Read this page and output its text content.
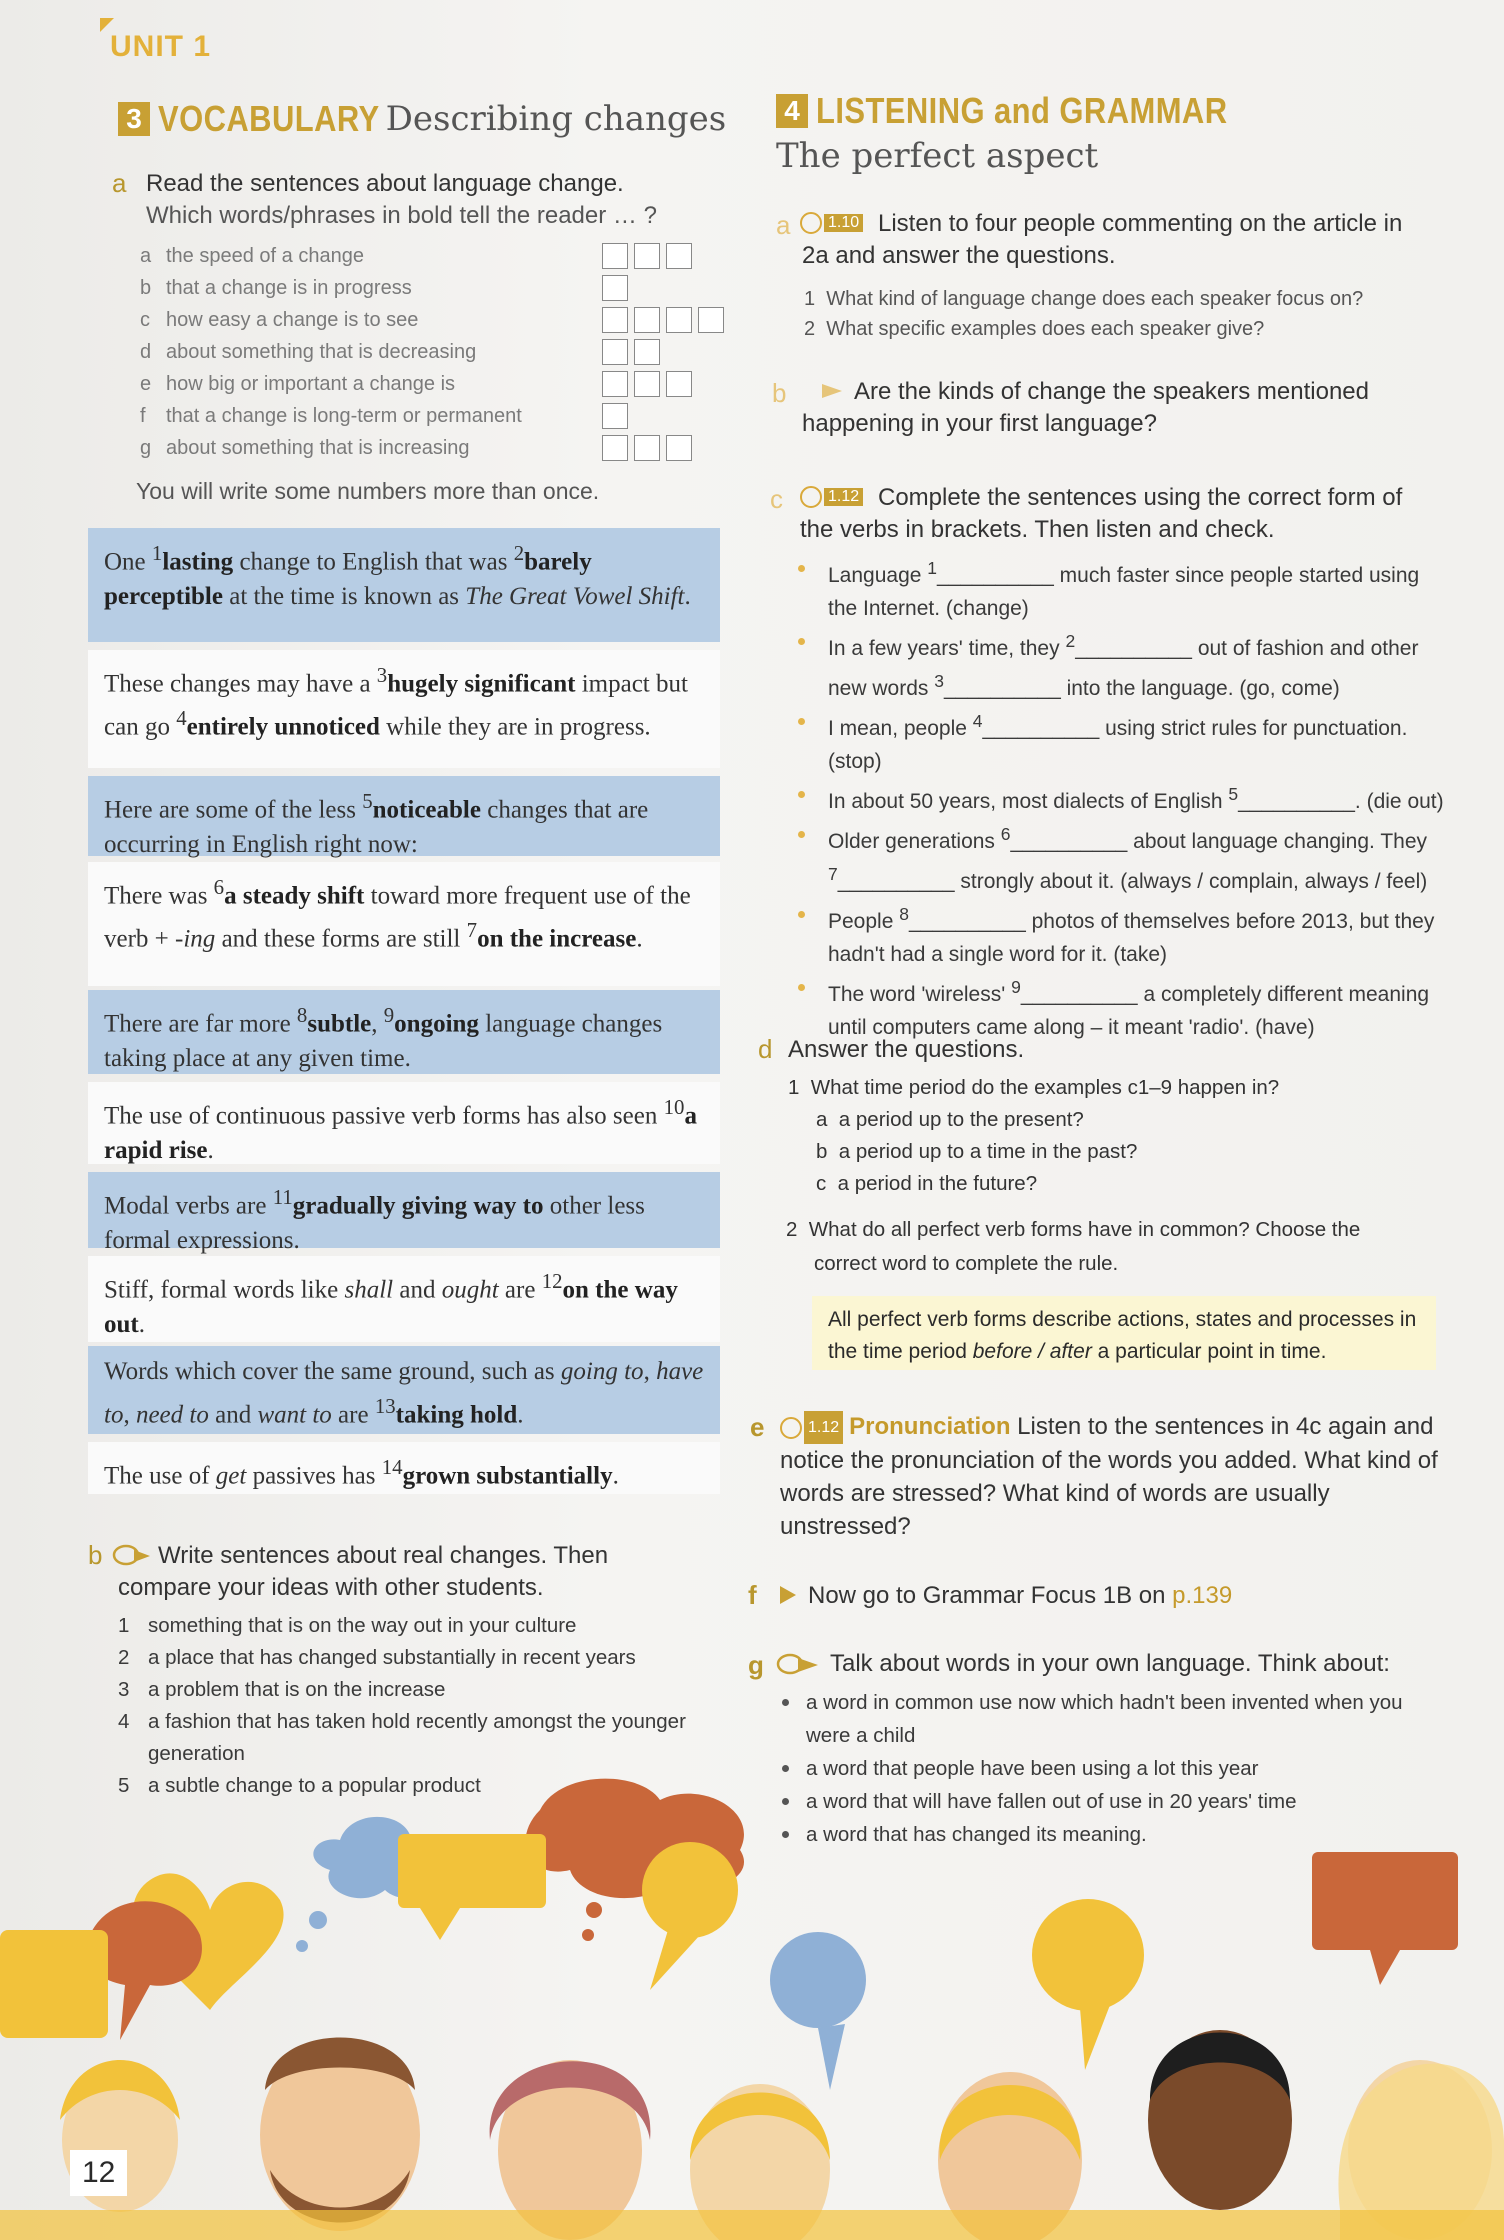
UNIT 1
3 VOCABULARY Describing changes
a Read the sentences about language change.
Which words/phrases in bold tell the reader … ?
a the speed of a change
b that a change is in progress
c how easy a change is to see
d about something that is decreasing
e how big or important a change is
f	that a change is long-term or permanent
g about something that is increasing
You will write some numbers more than once.
One $^1$lasting change to English that was $^2$barely perceptible at the time is known as The Great Vowel Shift.
These changes may have a $^3$hugely significant impact but can go $^4$entirely unnoticed while they are in progress.
Here are some of the less $^5$noticeable changes that are occurring in English right now:
There was $^6$a steady shift toward more frequent use of the verb + -ing and these forms are still $^7$on the increase.
There are far more $^8$subtle, $^9$ongoing language changes taking place at any given time.
The use of continuous passive verb forms has also seen $^{10}$a rapid rise.
Modal verbs are $^{11}$gradually giving way to other less formal expressions.
Stiff, formal words like shall and ought are $^{12}$on the way out.
Words which cover the same ground, such as going to, have to, need to and want to are $^{13}$taking hold.
The use of get passives has $^{14}$grown substantially.
b Write sentences about real changes. Then
compare your ideas with other students.
1 something that is on the way out in your culture
2 a place that has changed substantially in recent years
3 a problem that is on the increase
4 a fashion that has taken hold recently amongst the younger generation
5 a subtle change to a popular product
4 LISTENING and GRAMMAR
The perfect aspect
a	1.10 Listen to four people commenting on the article in
2a and answer the questions.
1  What kind of language change does each speaker focus on?
2  What specific examples does each speaker give?
b	Are the kinds of change the speakers mentioned
happening in your first language?
c	1.12 Complete the sentences using the correct form of
the verbs in brackets. Then listen and check.
Language $^1$__________ much faster since people started using the Internet. (change)
In a few years' time, they $^2$__________ out of fashion and other new words $^3$__________ into the language. (go, come)
I mean, people $^4$__________ using strict rules for punctuation. (stop)
In about 50 years, most dialects of English $^5$__________. (die out)
Older generations $^6$__________ about language changing. They $^7$__________ strongly about it. (always / complain, always / feel)
People $^8$__________ photos of themselves before 2013, but they hadn't had a single word for it. (take)
The word 'wireless' $^9$__________ a completely different meaning until computers came along – it meant 'radio'. (have)
d Answer the questions.
1  What time period do the examples c1–9 happen in?
a  a period up to the present?
b  a period up to a time in the past?
c  a period in the future?
2  What do all perfect verb forms have in common? Choose the
correct word to complete the rule.
All perfect verb forms describe actions, states and processes in the time period before / after a particular point in time.
e	1.12 Pronunciation Listen to the sentences in 4c again and notice the pronunciation of the words you added. What kind of words are stressed? What kind of words are usually unstressed?
f Now go to Grammar Focus 1B on p.139
g	Talk about words in your own language. Think about:
a word in common use now which hadn't been invented when you were a child
a word that people have been using a lot this year
a word that will have fallen out of use in 20 years' time
a word that has changed its meaning.
12
